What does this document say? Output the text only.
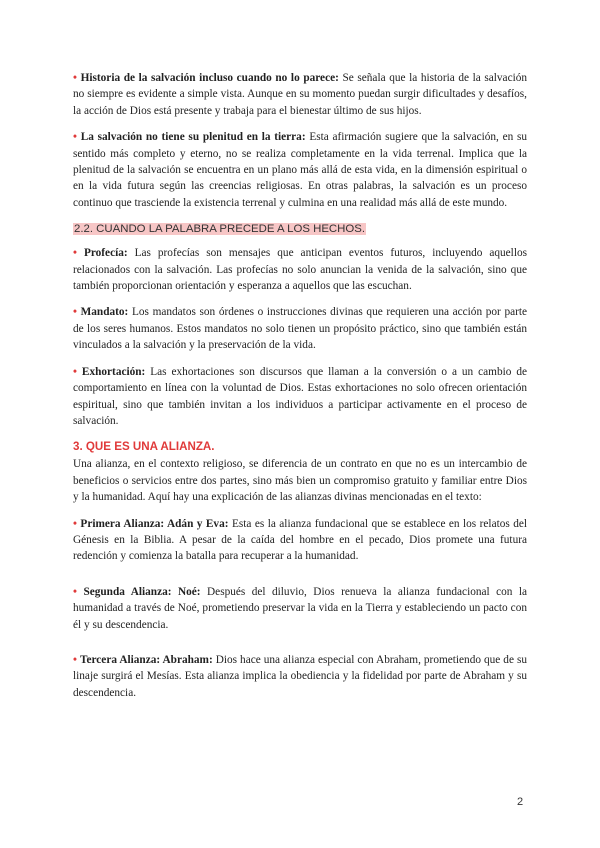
• Historia de la salvación incluso cuando no lo parece: Se señala que la historia de la salvación no siempre es evidente a simple vista. Aunque en su momento puedan surgir dificultades y desafíos, la acción de Dios está presente y trabaja para el bienestar último de sus hijos.

• La salvación no tiene su plenitud en la tierra: Esta afirmación sugiere que la salvación, en su sentido más completo y eterno, no se realiza completamente en la vida terrenal. Implica que la plenitud de la salvación se encuentra en un plano más allá de esta vida, en la dimensión espiritual o en la vida futura según las creencias religiosas. En otras palabras, la salvación es un proceso continuo que trasciende la existencia terrenal y culmina en una realidad más allá de este mundo.

2.2. CUANDO LA PALABRA PRECEDE A LOS HECHOS.

• Profecía: Las profecías son mensajes que anticipan eventos futuros, incluyendo aquellos relacionados con la salvación. Las profecías no solo anuncian la venida de la salvación, sino que también proporcionan orientación y esperanza a aquellos que las escuchan.

• Mandato: Los mandatos son órdenes o instrucciones divinas que requieren una acción por parte de los seres humanos. Estos mandatos no solo tienen un propósito práctico, sino que también están vinculados a la salvación y la preservación de la vida.

• Exhortación: Las exhortaciones son discursos que llaman a la conversión o a un cambio de comportamiento en línea con la voluntad de Dios. Estas exhortaciones no solo ofrecen orientación espiritual, sino que también invitan a los individuos a participar activamente en el proceso de salvación.

3. QUE ES UNA ALIANZA.

Una alianza, en el contexto religioso, se diferencia de un contrato en que no es un intercambio de beneficios o servicios entre dos partes, sino más bien un compromiso gratuito y familiar entre Dios y la humanidad. Aquí hay una explicación de las alianzas divinas mencionadas en el texto:

• Primera Alianza: Adán y Eva: Esta es la alianza fundacional que se establece en los relatos del Génesis en la Biblia. A pesar de la caída del hombre en el pecado, Dios promete una futura redención y comienza la batalla para recuperar a la humanidad.

• Segunda Alianza: Noé: Después del diluvio, Dios renueva la alianza fundacional con la humanidad a través de Noé, prometiendo preservar la vida en la Tierra y estableciendo un pacto con él y su descendencia.

• Tercera Alianza: Abraham: Dios hace una alianza especial con Abraham, prometiendo que de su linaje surgirá el Mesías. Esta alianza implica la obediencia y la fidelidad por parte de Abraham y su descendencia.

2
